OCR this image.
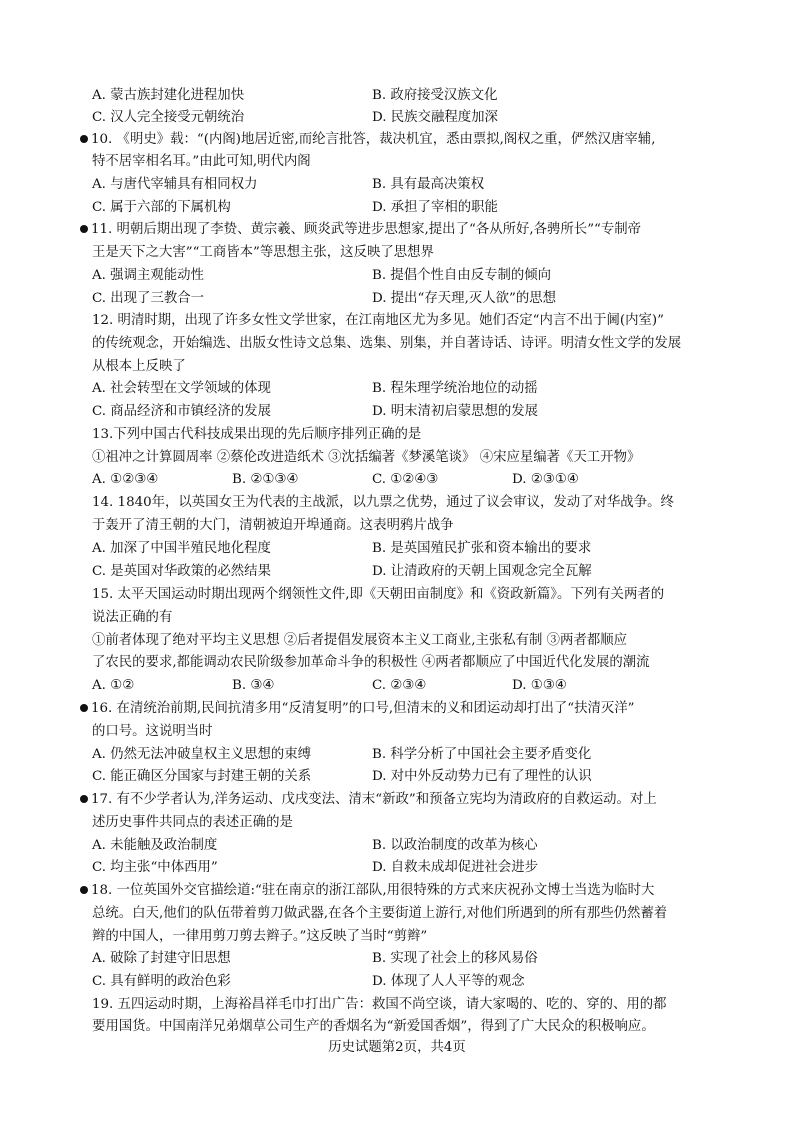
A. 蒙古族封建化进程加快	B. 政府接受汉族文化
C. 汉人完全接受元朝统治	D. 民族交融程度加深
10. 《明史》载：“(内阁)地居近密,而纶言批答，裁决机宜，悉由票拟,阁权之重，俨然汉唐宰辅,
特不居宰相名耳。”由此可知,明代内阁
A. 与唐代宰辅具有相同权力	B. 具有最高决策权
C. 属于六部的下属机构	D. 承担了宰相的职能
11. 明朝后期出现了李贽、黄宗羲、顾炎武等进步思想家,提出了“各从所好,各骋所长”“专制帝
王是天下之大害”“工商皆本”等思想主张，这反映了思想界
A. 强调主观能动性	B. 提倡个性自由反专制的倾向
C. 出现了三教合一	D. 提出“存天理,灭人欲”的思想
12. 明清时期，出现了许多女性文学世家，在江南地区尤为多见。她们否定“内言不出于阃(内室)”
的传统观念，开始编选、出版女性诗文总集、选集、别集，并自著诗话、诗评。明清女性文学的发展
从根本上反映了
A. 社会转型在文学领域的体现	B. 程朱理学统治地位的动摇
C. 商品经济和市镇经济的发展	D. 明末清初启蒙思想的发展
13.下列中国古代科技成果出现的先后顺序排列正确的是
①祖冲之计算圆周率 ②蔡伦改进造纸术 ③沈括编著《梦溪笔谈》 ④宋应星编著《天工开物》
A. ①②③④	B. ②①③④	C. ①②④③	D. ②③①④
14. 1840年，以英国女王为代表的主战派，以九票之优势，通过了议会审议，发动了对华战争。终
于轰开了清王朝的大门，清朝被迫开埠通商。这表明鸦片战争
A. 加深了中国半殖民地化程度	B. 是英国殖民扩张和资本输出的要求
C. 是英国对华政策的必然结果	D. 让清政府的天朝上国观念完全瓦解
15. 太平天国运动时期出现两个纲领性文件,即《天朝田亩制度》和《资政新篇》。下列有关两者的
说法正确的有
①前者体现了绝对平均主义思想 ②后者提倡发展资本主义工商业,主张私有制 ③两者都顺应
了农民的要求,都能调动农民阶级参加革命斗争的积极性 ④两者都顺应了中国近代化发展的潮流
A. ①②	B. ③④	C. ②③④	D. ①③④
16. 在清统治前期,民间抗清多用“反清复明”的口号,但清末的义和团运动却打出了“扶清灭洋”
的口号。这说明当时
A. 仍然无法冲破皇权主义思想的束缚	B. 科学分析了中国社会主要矛盾变化
C. 能正确区分国家与封建王朝的关系	D. 对中外反动势力已有了理性的认识
17. 有不少学者认为,洋务运动、戊戌变法、清末“新政”和预备立宪均为清政府的自救运动。对上
述历史事件共同点的表述正确的是
A. 未能触及政治制度	B. 以政治制度的改革为核心
C. 均主张“中体西用”	D. 自救未成却促进社会进步
18. 一位英国外交官描绘道:“驻在南京的浙江部队,用很特殊的方式来庆祝孙文博士当选为临时大
总统。白天,他们的队伍带着剪刀做武器,在各个主要街道上游行,对他们所遇到的所有那些仍然蓄着
辫的中国人，一律用剪刀剪去辫子。”这反映了当时“剪辫”
A. 破除了封建守旧思想	B. 实现了社会上的移风易俗
C. 具有鲜明的政治色彩	D. 体现了人人平等的观念
19. 五四运动时期，上海裕昌祥毛巾打出广告：救国不尚空谈，请大家喝的、吃的、穿的、用的都
要用国货。中国南洋兄弟烟草公司生产的香烟名为“新爱国香烟”，得到了广大民众的积极响应。
历史试题第2页，共4页
